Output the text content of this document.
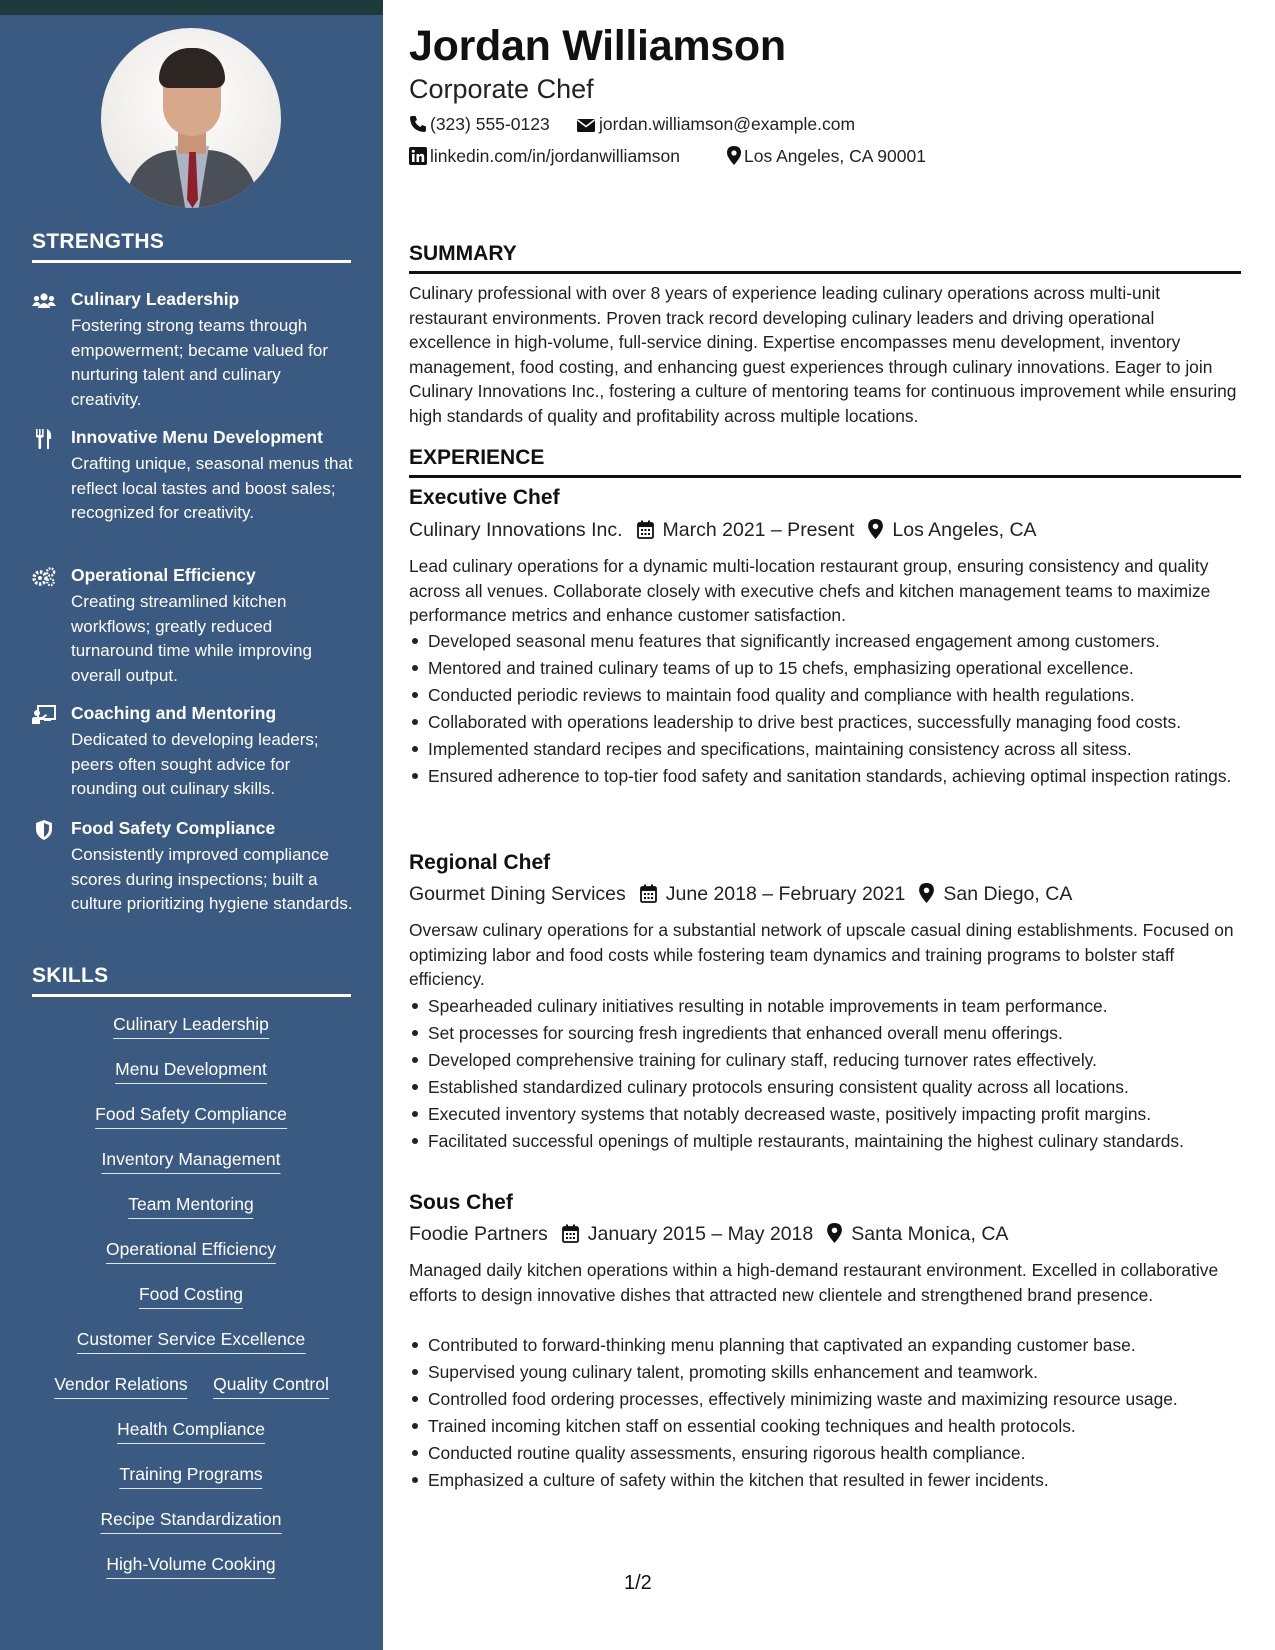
STRENGTHS
Culinary Leadership
Fostering strong teams through empowerment; became valued for nurturing talent and culinary creativity.
Innovative Menu Development
Crafting unique, seasonal menus that reflect local tastes and boost sales; recognized for creativity.
Operational Efficiency
Creating streamlined kitchen workflows; greatly reduced turnaround time while improving overall output.
Coaching and Mentoring
Dedicated to developing leaders; peers often sought advice for rounding out culinary skills.
Food Safety Compliance
Consistently improved compliance scores during inspections; built a culture prioritizing hygiene standards.
SKILLS
Culinary Leadership
Menu Development
Food Safety Compliance
Inventory Management
Team Mentoring
Operational Efficiency
Food Costing
Customer Service Excellence
Vendor Relations Quality Control
Health Compliance
Training Programs
Recipe Standardization
High-Volume Cooking
Jordan Williamson
Corporate Chef
(323) 555-0123	jordan.williamson@example.com
linkedin.com/in/jordanwilliamson	Los Angeles, CA 90001
SUMMARY
Culinary professional with over 8 years of experience leading culinary operations across multi-unit restaurant environments. Proven track record developing culinary leaders and driving operational excellence in high-volume, full-service dining. Expertise encompasses menu development, inventory management, food costing, and enhancing guest experiences through culinary innovations. Eager to join Culinary Innovations Inc., fostering a culture of mentoring teams for continuous improvement while ensuring high standards of quality and profitability across multiple locations.
EXPERIENCE
Executive Chef
Culinary Innovations Inc. March 2021 – Present Los Angeles, CA
Lead culinary operations for a dynamic multi-location restaurant group, ensuring consistency and quality across all venues. Collaborate closely with executive chefs and kitchen management teams to maximize performance metrics and enhance customer satisfaction.
Developed seasonal menu features that significantly increased engagement among customers.
Mentored and trained culinary teams of up to 15 chefs, emphasizing operational excellence.
Conducted periodic reviews to maintain food quality and compliance with health regulations.
Collaborated with operations leadership to drive best practices, successfully managing food costs.
Implemented standard recipes and specifications, maintaining consistency across all sitess.
Ensured adherence to top-tier food safety and sanitation standards, achieving optimal inspection ratings.
Regional Chef
Gourmet Dining Services June 2018 – February 2021 San Diego, CA
Oversaw culinary operations for a substantial network of upscale casual dining establishments. Focused on optimizing labor and food costs while fostering team dynamics and training programs to bolster staff efficiency.
Spearheaded culinary initiatives resulting in notable improvements in team performance.
Set processes for sourcing fresh ingredients that enhanced overall menu offerings.
Developed comprehensive training for culinary staff, reducing turnover rates effectively.
Established standardized culinary protocols ensuring consistent quality across all locations.
Executed inventory systems that notably decreased waste, positively impacting profit margins.
Facilitated successful openings of multiple restaurants, maintaining the highest culinary standards.
Sous Chef
Foodie Partners January 2015 – May 2018 Santa Monica, CA
Managed daily kitchen operations within a high-demand restaurant environment. Excelled in collaborative efforts to design innovative dishes that attracted new clientele and strengthened brand presence.
Contributed to forward-thinking menu planning that captivated an expanding customer base.
Supervised young culinary talent, promoting skills enhancement and teamwork.
Controlled food ordering processes, effectively minimizing waste and maximizing resource usage.
Trained incoming kitchen staff on essential cooking techniques and health protocols.
Conducted routine quality assessments, ensuring rigorous health compliance.
Emphasized a culture of safety within the kitchen that resulted in fewer incidents.
1/2
